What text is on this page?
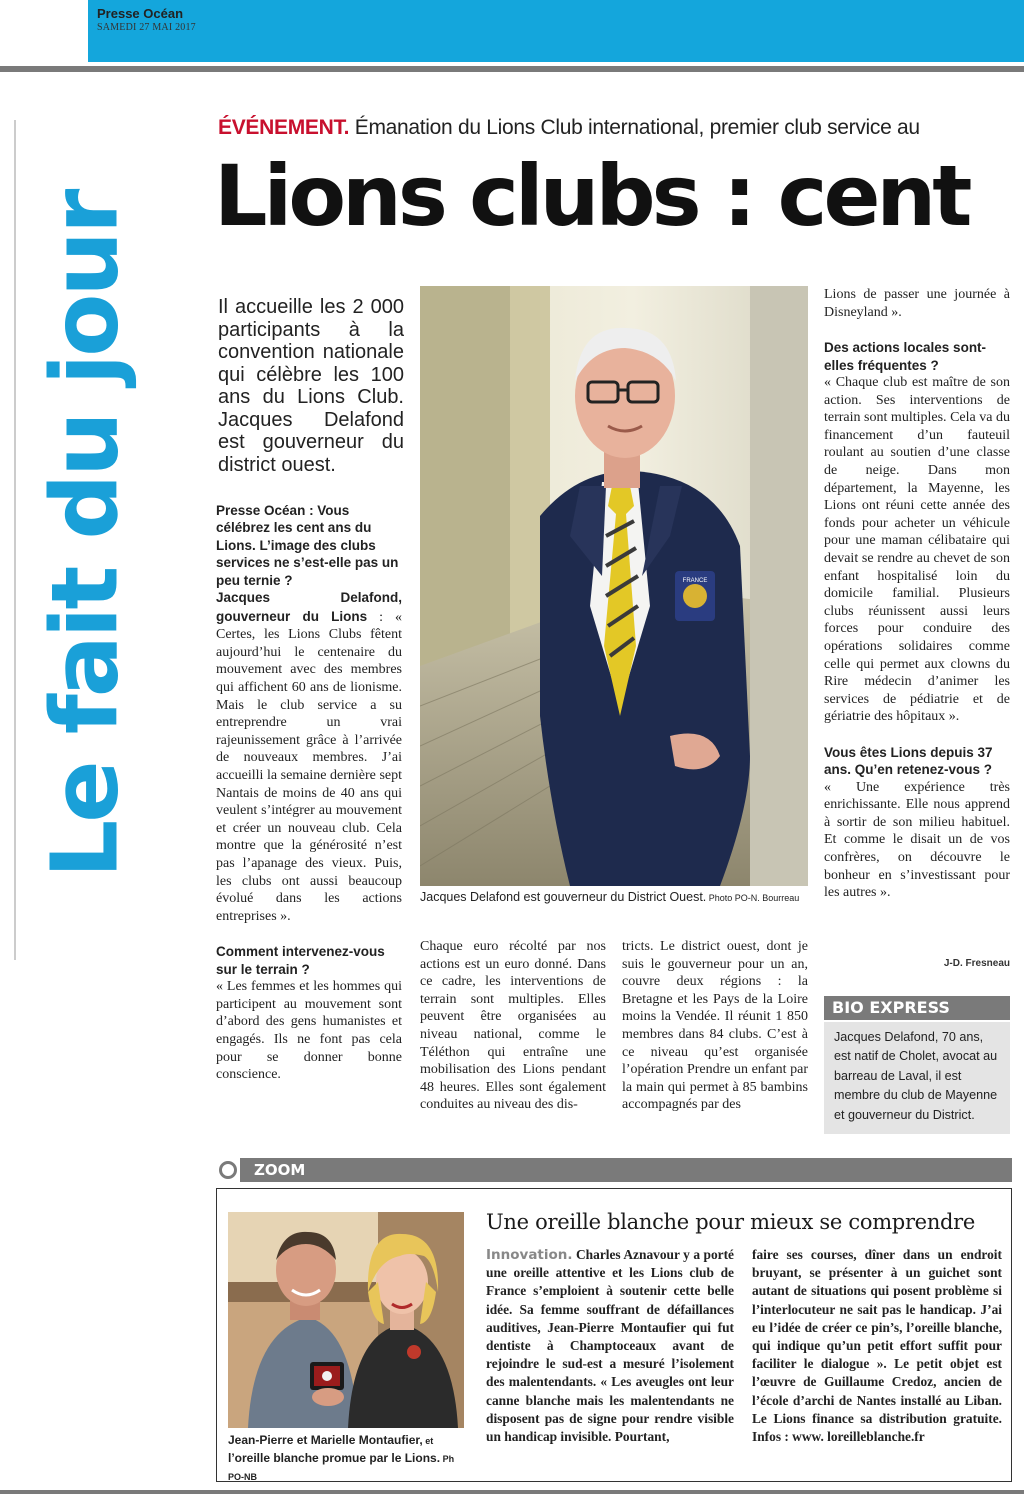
Presse Océan
SAMEDI 27 MAI 2017
Le fait du jour
ÉVÉNEMENT. Émanation du Lions Club international, premier club service au
Lions clubs : cent
Il accueille les 2 000 participants à la convention nationale qui célèbre les 100 ans du Lions Club. Jacques Delafond est gouverneur du district ouest.

Presse Océan : Vous célébrez les cent ans du Lions. L’image des clubs services ne s’est-elle pas un peu ternie ?

Jacques Delafond, gouverneur du Lions : « Certes, les Lions Clubs fêtent aujourd’hui le centenaire du mouvement avec des membres qui affichent 60 ans de lionisme. Mais le club service a su entreprendre un vrai rajeunissement grâce à l’arrivée de nouveaux membres. J’ai accueilli la semaine dernière sept Nantais de moins de 40 ans qui veulent s’intégrer au mouvement et créer un nouveau club. Cela montre que la générosité n’est pas l’apanage des vieux. Puis, les clubs ont aussi beaucoup évolué dans les actions entreprises ».

Comment intervenez-vous sur le terrain ?

« Les femmes et les hommes qui participent au mouvement sont d’abord des gens humanistes et engagés. Ils ne font pas cela pour se donner bonne conscience.

FRANCE
Jacques Delafond est gouverneur du District Ouest. Photo PO-N. Bourreau
Chaque euro récolté par nos actions est un euro donné. Dans ce cadre, les interventions de terrain sont multiples. Elles peuvent être organisées au niveau national, comme le Téléthon qui entraîne une mobilisation des Lions pendant 48 heures. Elles sont également conduites au niveau des dis-
tricts. Le district ouest, dont je suis le gouverneur pour un an, couvre deux régions : la Bretagne et les Pays de la Loire moins la Vendée. Il réunit 1 850 membres dans 84 clubs. C’est à ce niveau qu’est organisée l’opération Prendre un enfant par la main qui permet à 85 bambins accompagnés par des

Lions de passer une journée à Disneyland ».

Des actions locales sont-elles fréquentes ?

« Chaque club est maître de son action. Ses interventions de terrain sont multiples. Cela va du financement d’un fauteuil roulant au soutien d’une classe de neige. Dans mon département, la Mayenne, les Lions ont réuni cette année des fonds pour acheter un véhicule pour une maman célibataire qui devait se rendre au chevet de son enfant hospitalisé loin du domicile familial. Plusieurs clubs réunissent aussi leurs forces pour conduire des opérations solidaires comme celle qui permet aux clowns du Rire médecin d’animer les services de pédiatrie et de gériatrie des hôpitaux ».

Vous êtes Lions depuis 37 ans. Qu’en retenez-vous ?

« Une expérience très enrichissante. Elle nous apprend à sortir de son milieu habituel. Et comme le disait un de vos confrères, on découvre le bonheur en s’investissant pour les autres ».

J-D. Fresneau
BIO EXPRESS
Jacques Delafond, 70 ans, est natif de Cholet, avocat au barreau de Laval, il est membre du club de Mayenne et gouverneur du District.
ZOOM
Jean-Pierre et Marielle Montaufier, et
l’oreille blanche promue par le Lions. Ph PO-NB
Une oreille blanche pour mieux se comprendre
Innovation. Charles Aznavour y a porté une oreille attentive et les Lions club de France s’emploient à soutenir cette belle idée. Sa femme souffrant de défaillances auditives, Jean-Pierre Montaufier qui fut dentiste à Champtoceaux avant de rejoindre le sud-est a mesuré l’isolement des malentendants. « Les aveugles ont leur canne blanche mais les malentendants ne disposent pas de signe pour rendre visible un handicap invisible. Pourtant,
faire ses courses, dîner dans un endroit bruyant, se présenter à un guichet sont autant de situations qui posent problème si l’interlocuteur ne sait pas le handicap. J’ai eu l’idée de créer ce pin’s, l’oreille blanche, qui indique qu’un petit effort suffit pour faciliter le dialogue ». Le petit objet est l’œuvre de Guillaume Credoz, ancien de l’école d’archi de Nantes installé au Liban. Le Lions finance sa distribution gratuite. Infos : www. loreilleblanche.fr
